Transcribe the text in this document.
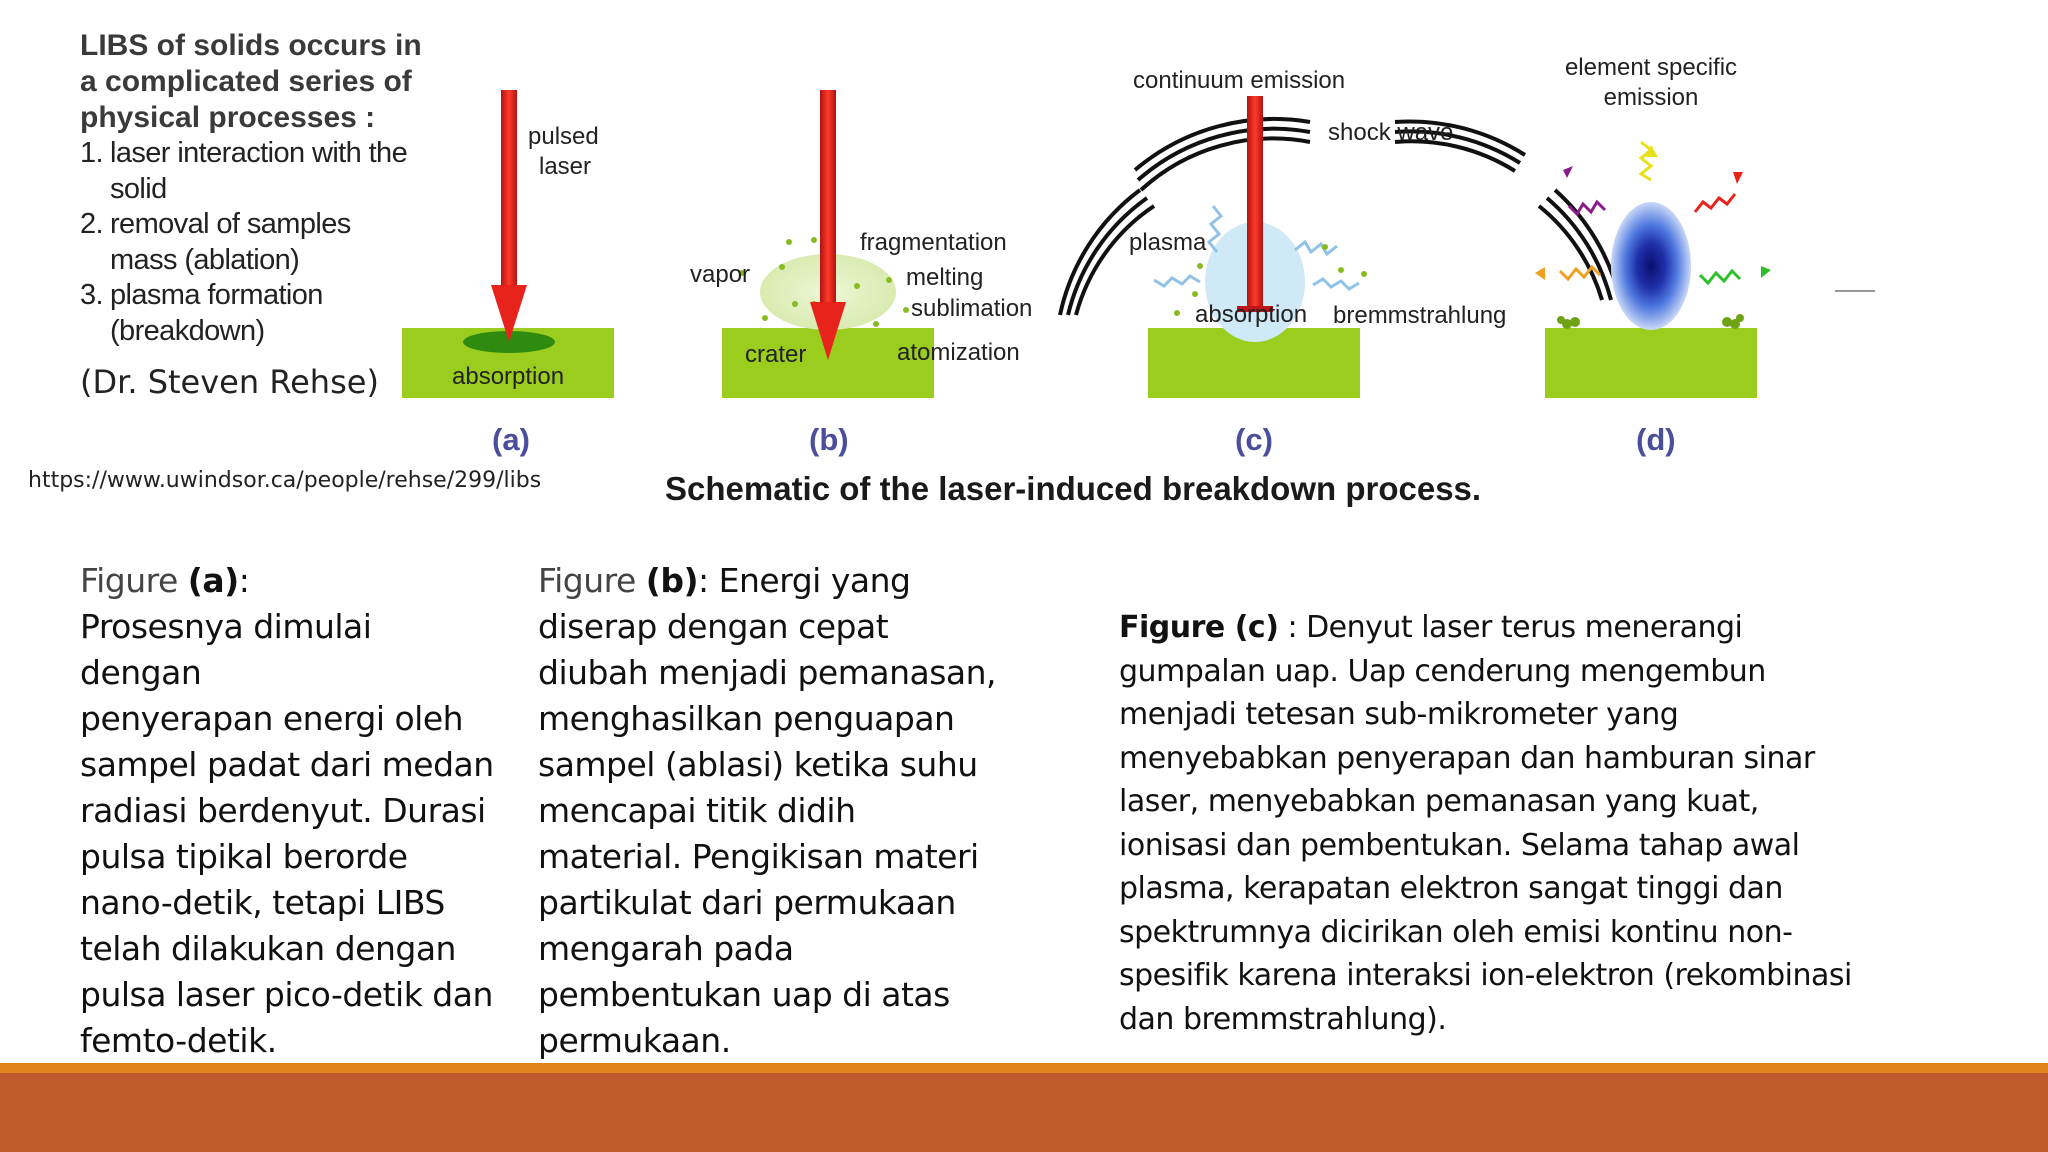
LIBS of solids occurs in
a complicated series of
physical processes :
1. laser interaction with the
solid
2. removal of samples
mass (ablation)
3. plasma formation
(breakdown)
(Dr. Steven Rehse)
https://www.uwindsor.ca/people/rehse/299/libs
pulsed
laser
absorption
(a)
vapor
fragmentation
melting
sublimation
crater	atomization
(b)
continuum emission
shock wave
plasma
absorption bremmstrahlung
(c)
element specific
emission
(d)
Schematic of the laser-induced breakdown process.
Figure (a):
Prosesnya dimulai dengan
penyerapan energi oleh
sampel padat dari medan
radiasi berdenyut. Durasi
pulsa tipikal berorde
nano-detik, tetapi LIBS
telah dilakukan dengan
pulsa laser pico-detik dan
femto-detik.
Figure (b): Energi yang
diserap dengan cepat
diubah menjadi pemanasan,
menghasilkan penguapan
sampel (ablasi) ketika suhu
mencapai titik didih
material. Pengikisan materi
partikulat dari permukaan
mengarah pada
pembentukan uap di atas
permukaan.
Figure (c) : Denyut laser terus menerangi
gumpalan uap. Uap cenderung mengembun
menjadi tetesan sub-mikrometer yang
menyebabkan penyerapan dan hamburan sinar
laser, menyebabkan pemanasan yang kuat,
ionisasi dan pembentukan. Selama tahap awal
plasma, kerapatan elektron sangat tinggi dan
spektrumnya dicirikan oleh emisi kontinu non-
spesifik karena interaksi ion-elektron (rekombinasi
dan bremmstrahlung).
